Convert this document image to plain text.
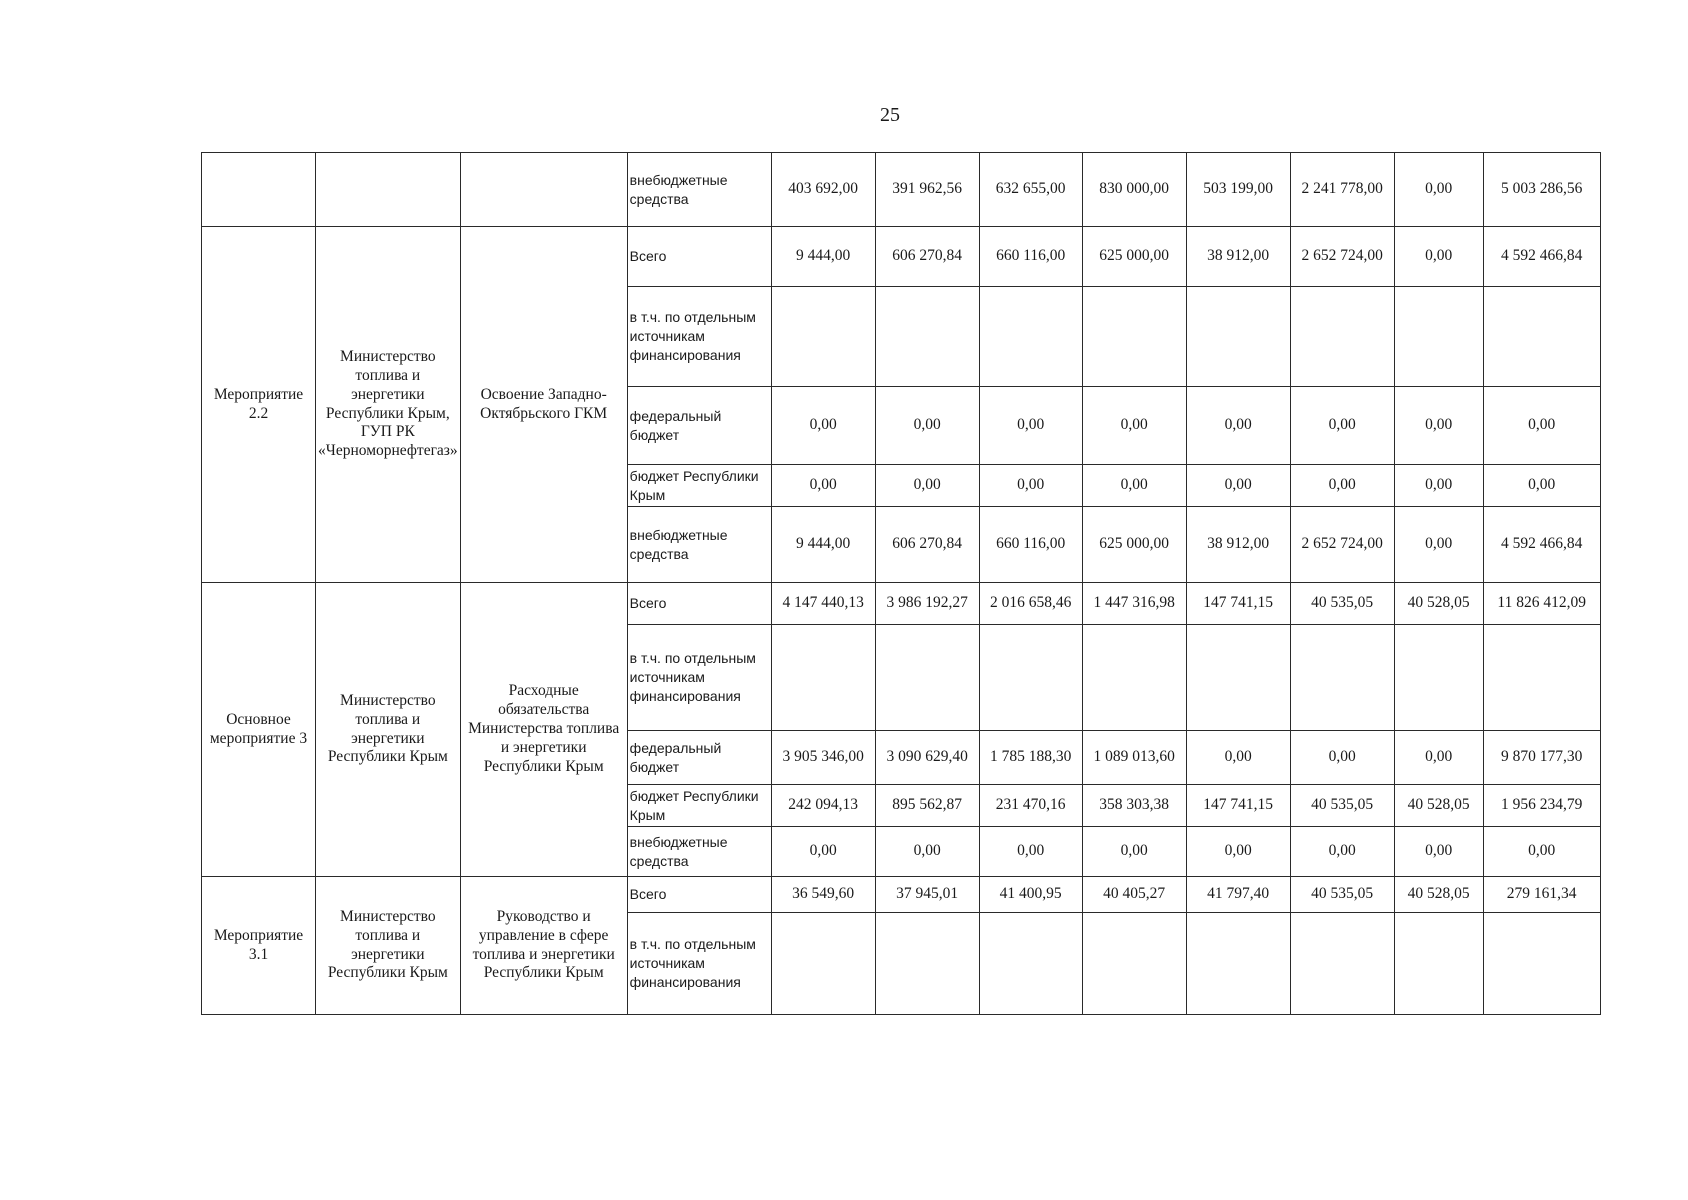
25
			внебюджетные средства	403 692,00	391 962,56	632 655,00	830 000,00	503 199,00	2 241 778,00	0,00	5 003 286,56
Мероприятие 2.2	Министерство топлива и энергетики Республики Крым, ГУП РК «Черноморнефтегаз»	Освоение Западно-Октябрьского ГКМ	Всего	9 444,00	606 270,84	660 116,00	625 000,00	38 912,00	2 652 724,00	0,00	4 592 466,84
			в т.ч. по отдельным источникам финансирования								
			федеральный бюджет	0,00	0,00	0,00	0,00	0,00	0,00	0,00	0,00
			бюджет Республики Крым	0,00	0,00	0,00	0,00	0,00	0,00	0,00	0,00
			внебюджетные средства	9 444,00	606 270,84	660 116,00	625 000,00	38 912,00	2 652 724,00	0,00	4 592 466,84
Основное мероприятие 3	Министерство топлива и энергетики Республики Крым	Расходные обязательства Министерства топлива и энергетики Республики Крым	Всего	4 147 440,13	3 986 192,27	2 016 658,46	1 447 316,98	147 741,15	40 535,05	40 528,05	11 826 412,09
			в т.ч. по отдельным источникам финансирования								
			федеральный бюджет	3 905 346,00	3 090 629,40	1 785 188,30	1 089 013,60	0,00	0,00	0,00	9 870 177,30
			бюджет Республики Крым	242 094,13	895 562,87	231 470,16	358 303,38	147 741,15	40 535,05	40 528,05	1 956 234,79
			внебюджетные средства	0,00	0,00	0,00	0,00	0,00	0,00	0,00	0,00
Мероприятие 3.1	Министерство топлива и энергетики Республики Крым	Руководство и управление в сфере топлива и энергетики Республики Крым	Всего	36 549,60	37 945,01	41 400,95	40 405,27	41 797,40	40 535,05	40 528,05	279 161,34
			в т.ч. по отдельным источникам финансирования								
